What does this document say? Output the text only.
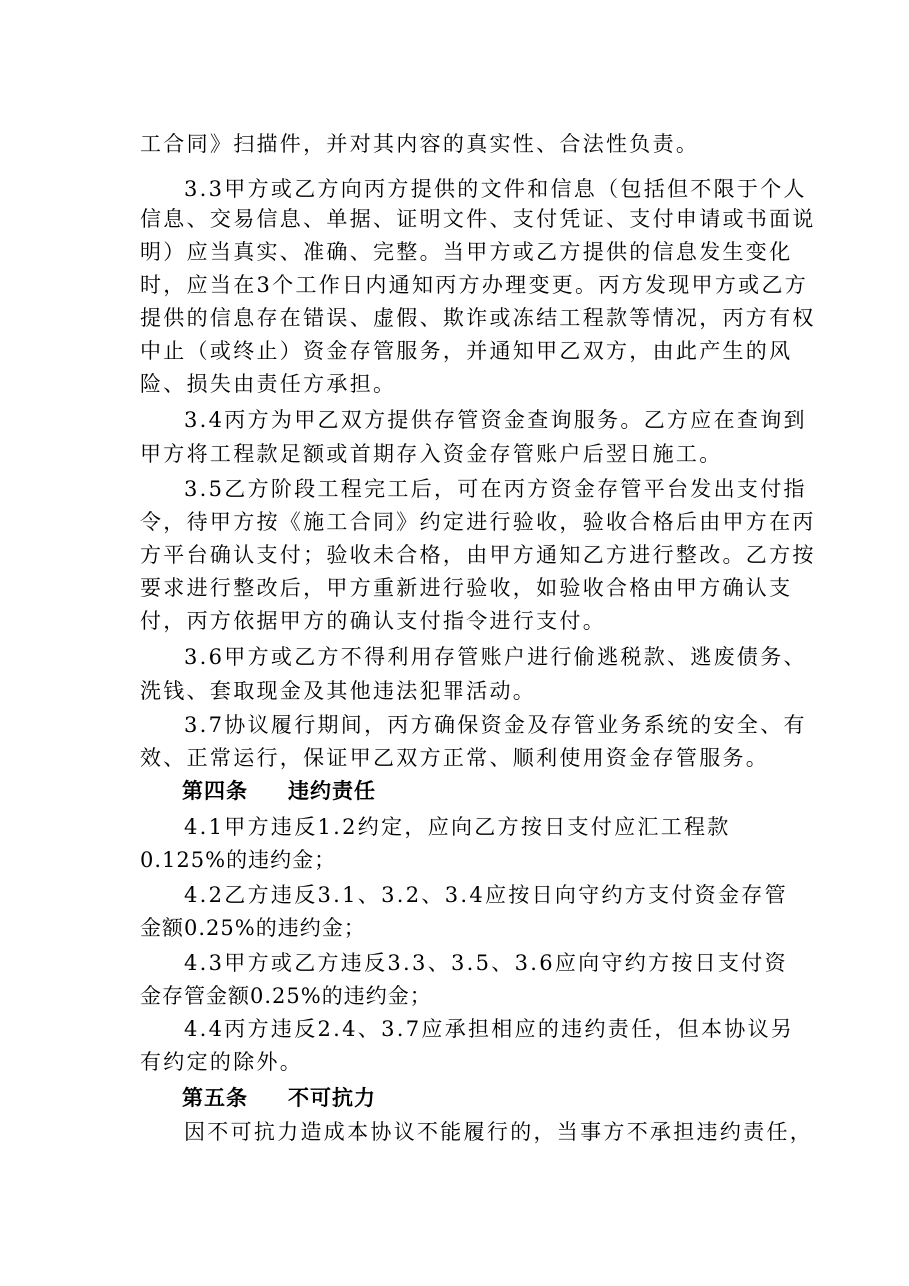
工合同》扫描件，并对其内容的真实性、合法性负责。
3.3甲方或乙方向丙方提供的文件和信息（包括但不限于个人
信息、交易信息、单据、证明文件、支付凭证、支付申请或书面说
明）应当真实、准确、完整。当甲方或乙方提供的信息发生变化
时，应当在3个工作日内通知丙方办理变更。丙方发现甲方或乙方
提供的信息存在错误、虚假、欺诈或冻结工程款等情况，丙方有权
中止（或终止）资金存管服务，并通知甲乙双方，由此产生的风
险、损失由责任方承担。
3.4丙方为甲乙双方提供存管资金查询服务。乙方应在查询到
甲方将工程款足额或首期存入资金存管账户后翌日施工。
3.5乙方阶段工程完工后，可在丙方资金存管平台发出支付指
令，待甲方按《施工合同》约定进行验收，验收合格后由甲方在丙
方平台确认支付；验收未合格，由甲方通知乙方进行整改。乙方按
要求进行整改后，甲方重新进行验收，如验收合格由甲方确认支
付，丙方依据甲方的确认支付指令进行支付。
3.6甲方或乙方不得利用存管账户进行偷逃税款、逃废债务、
洗钱、套取现金及其他违法犯罪活动。
3.7协议履行期间，丙方确保资金及存管业务系统的安全、有
效、正常运行，保证甲乙双方正常、顺利使用资金存管服务。
第四条 违约责任
4.1甲方违反1.2约定，应向乙方按日支付应汇工程款
0.125%的违约金；
4.2乙方违反3.1、3.2、3.4应按日向守约方支付资金存管
金额0.25%的违约金；
4.3甲方或乙方违反3.3、3.5、3.6应向守约方按日支付资
金存管金额0.25%的违约金；
4.4丙方违反2.4、3.7应承担相应的违约责任，但本协议另
有约定的除外。
第五条 不可抗力
因不可抗力造成本协议不能履行的，当事方不承担违约责任，
